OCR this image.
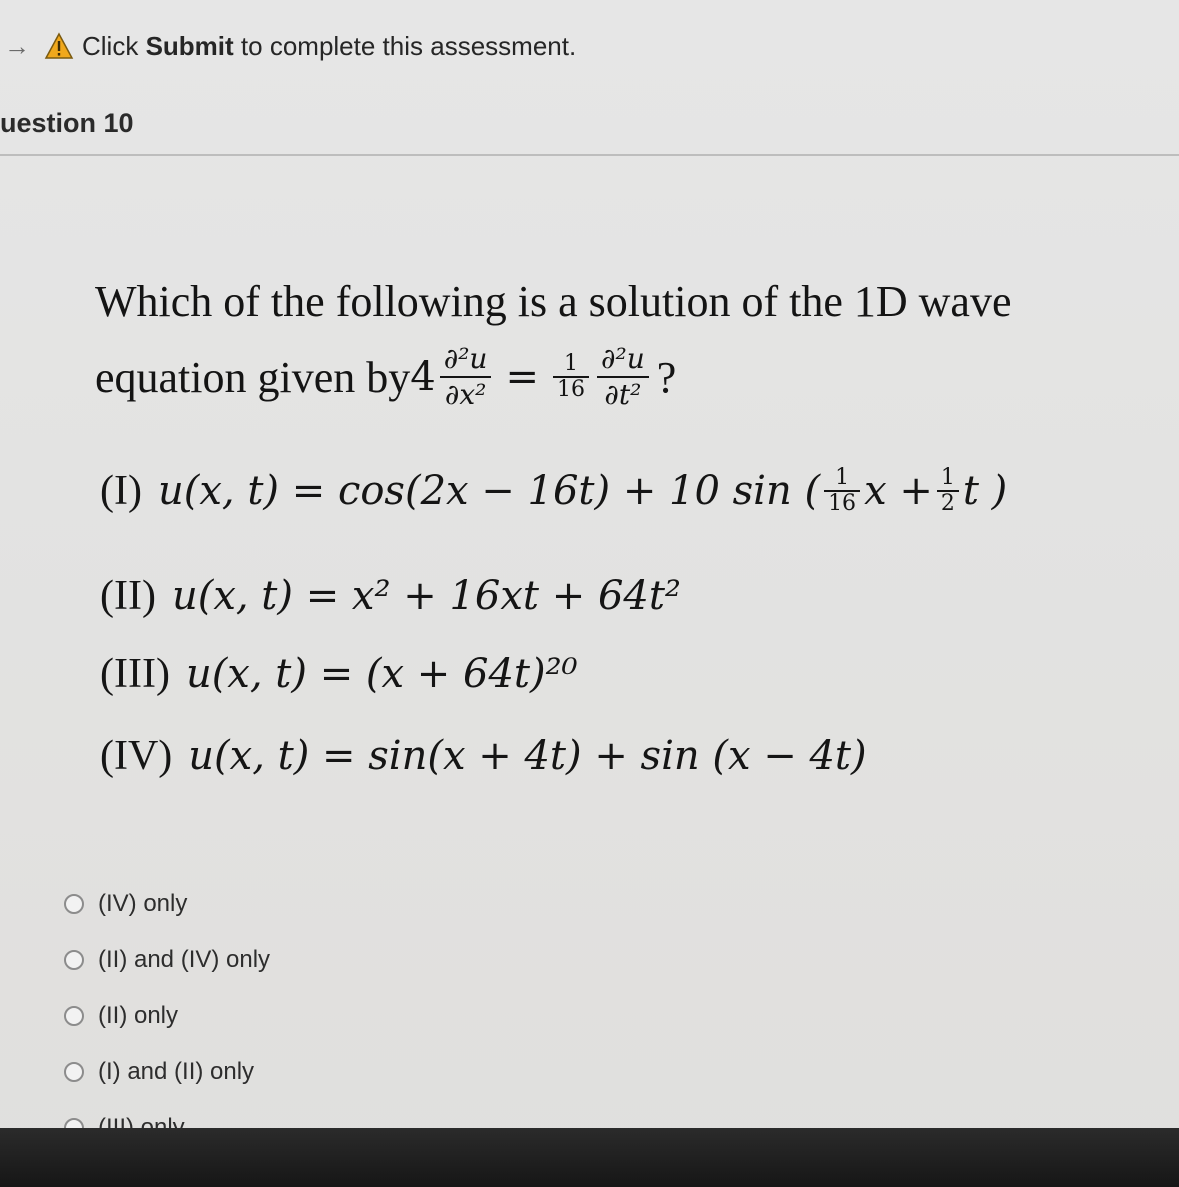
→ Click
Submit
to complete this assessment.
uestion 10
Which of the following is a solution of the 1D wave
equation given by $4 \frac{\text{∂²u}}{\text{∂x²}} = \frac{1}{16} \frac{\text{∂²u}}{\text{∂t²}}$ ?
(I) u(x, t) = cos(2x − 16t) + 10 sin ( $\frac{1}{16}$ $x + \frac{1}{2}$ t )
(II) u(x, t) = x² + 16xt + 64t²
(III) u(x, t) = (x + 64t)²⁰
(IV) u(x, t) = sin(x + 4t) + sin (x − 4t)
(IV) only
(II) and (IV) only
(II) only
(I) and (II) only
